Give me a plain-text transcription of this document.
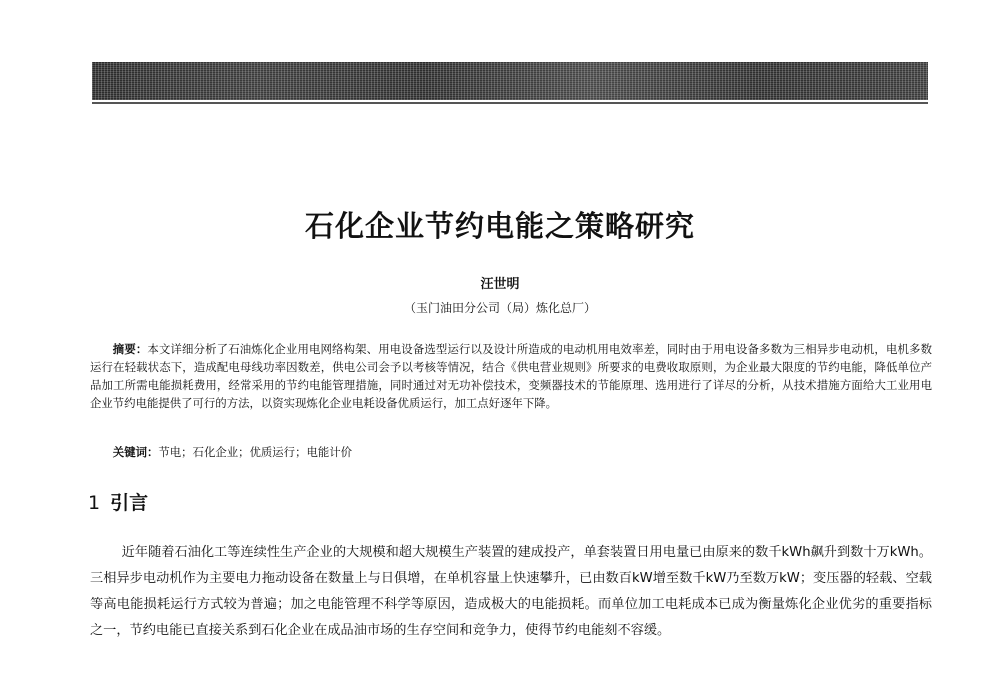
石化企业节约电能之策略研究
汪世明
（玉门油田分公司（局）炼化总厂）
摘要：本文详细分析了石油炼化企业用电网络构架、用电设备选型运行以及设计所造成的电动机用电效率差，同时由于用电设备多数为三相异步电动机，电机多数运行在轻载状态下，造成配电母线功率因数差，供电公司会予以考核等情况，结合《供电营业规则》所要求的电费收取原则，为企业最大限度的节约电能，降低单位产品加工所需电能损耗费用，经常采用的节约电能管理措施，同时通过对无功补偿技术，变频器技术的节能原理、选用进行了详尽的分析，从技术措施方面给大工业用电企业节约电能提供了可行的方法，以资实现炼化企业电耗设备优质运行，加工点好逐年下降。
关键词：节电；石化企业；优质运行；电能计价
1 引言
近年随着石油化工等连续性生产企业的大规模和超大规模生产装置的建成投产，单套装置日用电量已由原来的数千kWh飙升到数十万kWh。三相异步电动机作为主要电力拖动设备在数量上与日俱增，在单机容量上快速攀升，已由数百kW增至数千kW乃至数万kW；变压器的轻载、空载等高电能损耗运行方式较为普遍；加之电能管理不科学等原因，造成极大的电能损耗。而单位加工电耗成本已成为衡量炼化企业优劣的重要指标之一，节约电能已直接关系到石化企业在成品油市场的生存空间和竞争力，使得节约电能刻不容缓。
